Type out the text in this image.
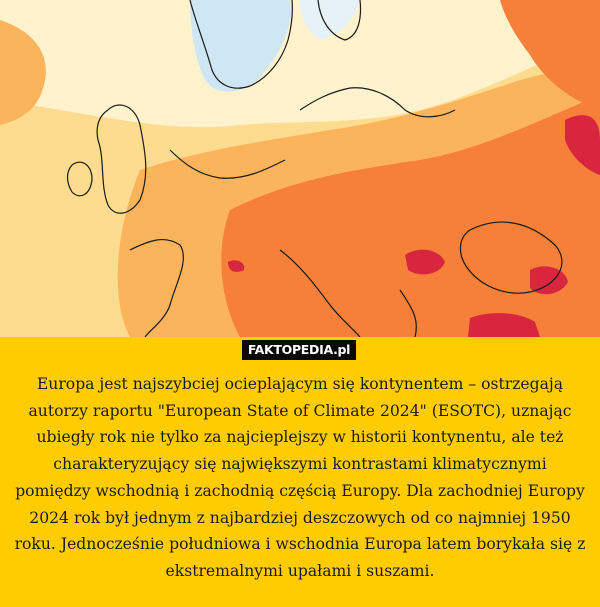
FAKTOPEDIA.pl
Europa jest najszybciej ocieplającym się kontynentem – ostrzegają autorzy raportu "European State of Climate 2024" (ESOTC), uznając ubiegły rok nie tylko za najcieplejszy w historii kontynentu, ale też charakteryzujący się największymi kontrastami klimatycznymi pomiędzy wschodnią i zachodnią częścią Europy. Dla zachodniej Europy 2024 rok był jednym z najbardziej deszczowych od co najmniej 1950 roku. Jednocześnie południowa i wschodnia Europa latem borykała się z ekstremalnymi upałami i suszami.
